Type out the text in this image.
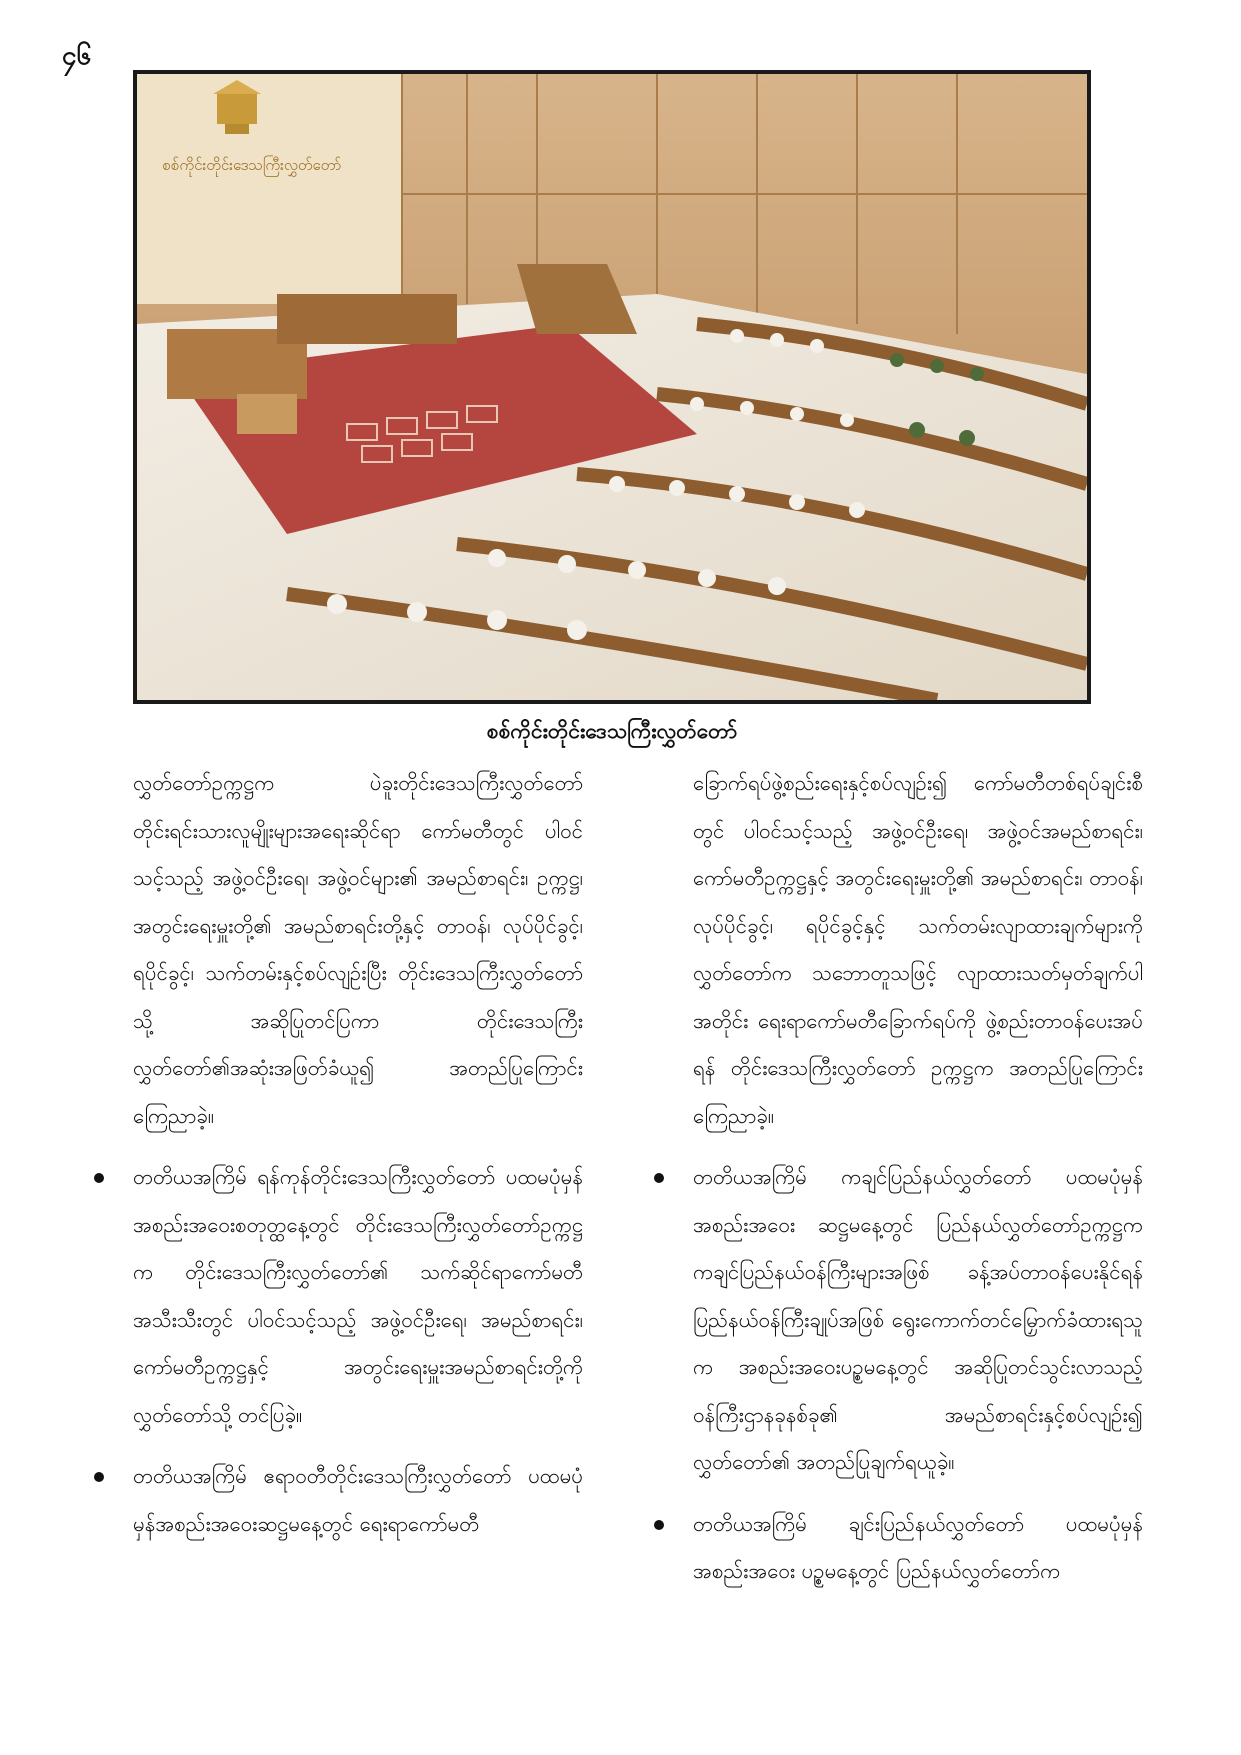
၄၆
စစ်ကိုင်းတိုင်းဒေသကြီးလွှတ်တော်
စစ်ကိုင်းတိုင်းဒေသကြီးလွှတ်တော်

လွှတ်တော်ဥက္ကဋ္ဌက ပဲခူးတိုင်းဒေသကြီးလွှတ်တော် တိုင်းရင်းသားလူမျိုးများအရေးဆိုင်ရာ ကော်မတီတွင် ပါဝင်သင့်သည့် အဖွဲ့ဝင်ဦးရေ၊ အဖွဲ့ဝင်များ၏ အမည်စာရင်း၊ ဥက္ကဋ္ဌ၊ အတွင်းရေးမှူးတို့၏ အမည်စာရင်းတို့နှင့် တာဝန်၊ လုပ်ပိုင်ခွင့်၊ ရပိုင်ခွင့်၊ သက်တမ်းနှင့်စပ်လျဉ်းပြီး တိုင်းဒေသကြီးလွှတ်တော်သို့ အဆိုပြုတင်ပြကာ တိုင်းဒေသကြီးလွှတ်တော်၏အဆုံးအဖြတ်ခံယူ၍ အတည်ပြုကြောင်း ကြေညာခဲ့။

တတိယအကြိမ် ရန်ကုန်တိုင်းဒေသကြီးလွှတ်တော် ပထမပုံမှန်အစည်းအဝေးစတုတ္ထနေ့တွင် တိုင်းဒေသကြီးလွှတ်တော်ဥက္ကဋ္ဌက တိုင်းဒေသကြီးလွှတ်တော်၏ သက်ဆိုင်ရာကော်မတီအသီးသီးတွင် ပါဝင်သင့်သည့် အဖွဲ့ဝင်ဦးရေ၊ အမည်စာရင်း၊ ကော်မတီဥက္ကဋ္ဌနှင့် အတွင်းရေးမှူးအမည်စာရင်းတို့ကို လွှတ်တော်သို့ တင်ပြခဲ့။
တတိယအကြိမ် ဧရာဝတီတိုင်းဒေသကြီးလွှတ်တော် ပထမပုံမှန်အစည်းအဝေးဆဋ္ဌမနေ့တွင် ရေးရာကော်မတီ

ခြောက်ရပ်ဖွဲ့စည်းရေးနှင့်စပ်လျဉ်း၍ ကော်မတီတစ်ရပ်ချင်းစီတွင် ပါဝင်သင့်သည့် အဖွဲ့ဝင်ဦးရေ၊ အဖွဲ့ဝင်အမည်စာရင်း၊ ကော်မတီဥက္ကဋ္ဌနှင့် အတွင်းရေးမှူးတို့၏ အမည်စာရင်း၊ တာဝန်၊ လုပ်ပိုင်ခွင့်၊ ရပိုင်ခွင့်နှင့် သက်တမ်းလျာထားချက်များကို လွှတ်တော်က သဘောတူသဖြင့် လျာထားသတ်မှတ်ချက်ပါအတိုင်း ရေးရာကော်မတီခြောက်ရပ်ကို ဖွဲ့စည်းတာဝန်ပေးအပ်ရန် တိုင်းဒေသကြီးလွှတ်တော် ဥက္ကဋ္ဌက အတည်ပြုကြောင်းကြေညာခဲ့။

တတိယအကြိမ် ကချင်ပြည်နယ်လွှတ်တော် ပထမပုံမှန်အစည်းအဝေး ဆဋ္ဌမနေ့တွင် ပြည်နယ်လွှတ်တော်ဥက္ကဋ္ဌက ကချင်ပြည်နယ်ဝန်ကြီးများအဖြစ် ခန့်အပ်တာဝန်ပေးနိုင်ရန် ပြည်နယ်ဝန်ကြီးချုပ်အဖြစ် ရွေးကောက်တင်မြှောက်ခံထားရသူက အစည်းအဝေးပဉ္စမနေ့တွင် အဆိုပြုတင်သွင်းလာသည့် ဝန်ကြီးဌာနခုနစ်ခု၏ အမည်စာရင်းနှင့်စပ်လျဉ်း၍ လွှတ်တော်၏ အတည်ပြုချက်ရယူခဲ့။
တတိယအကြိမ် ချင်းပြည်နယ်လွှတ်တော် ပထမပုံမှန်အစည်းအဝေး ပဉ္စမနေ့တွင် ပြည်နယ်လွှတ်တော်က
